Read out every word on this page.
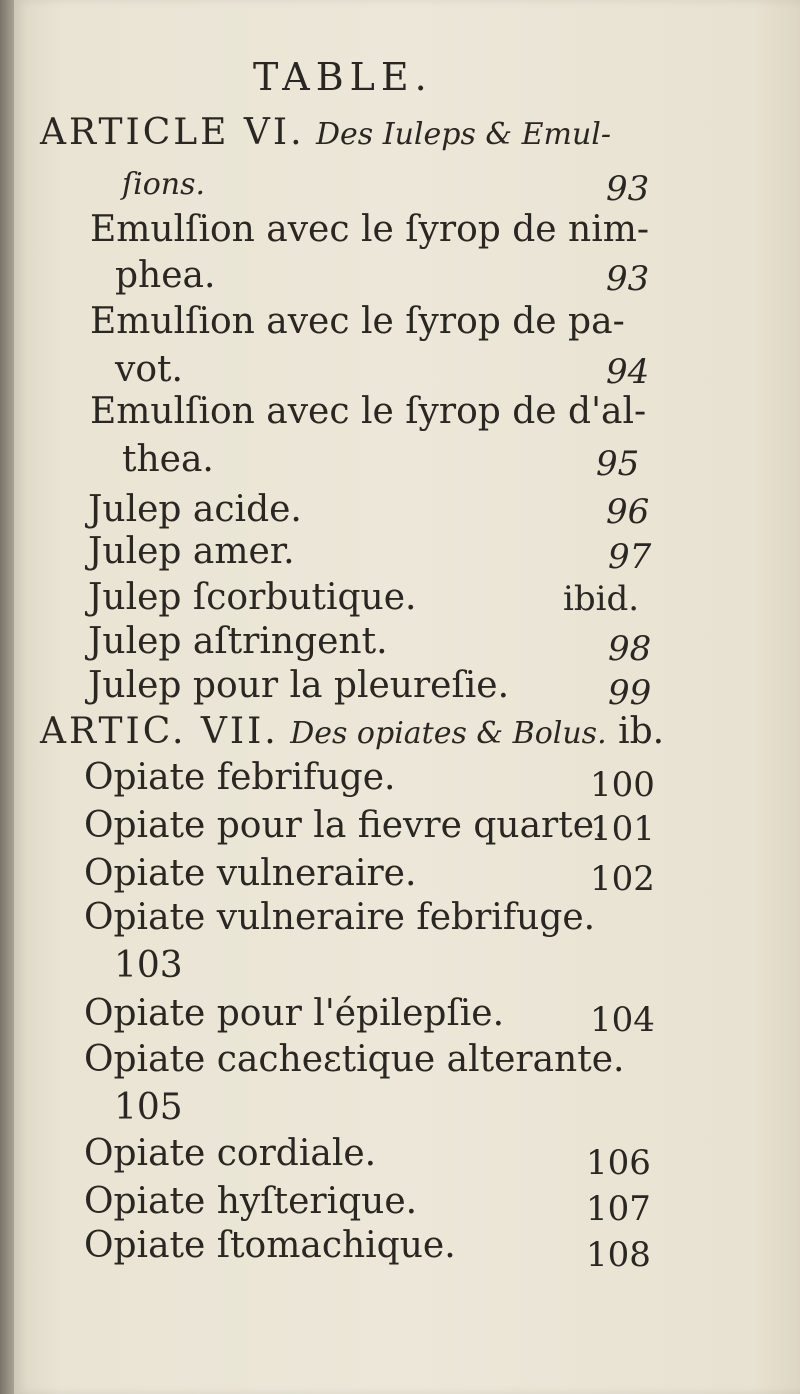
TABLE.
ARTICLE VI. Des Iuleps & Emul-
ſions.	93
Emulſion avec le ſyrop de nim-
phea.	93
Emulſion avec le ſyrop de pa-
vot.	94
Emulſion avec le ſyrop de d'al-
thea.	95
Julep acide.	96
Julep amer.	97
Julep ſcorbutique.	ibid.
Julep aſtringent.	98
Julep pour la pleureſie.	99
ARTIC. VII. Des opiates & Bolus. ib.
Opiate febrifuge.	100
Opiate pour la fievre quarte.
101
Opiate vulneraire.	102
Opiate vulneraire febrifuge.
103
Opiate pour l'épilepſie.	104
Opiate cacheɛtique alterante.
105
Opiate cordiale.	106
Opiate hyſterique.	107
Opiate ſtomachique.	108
